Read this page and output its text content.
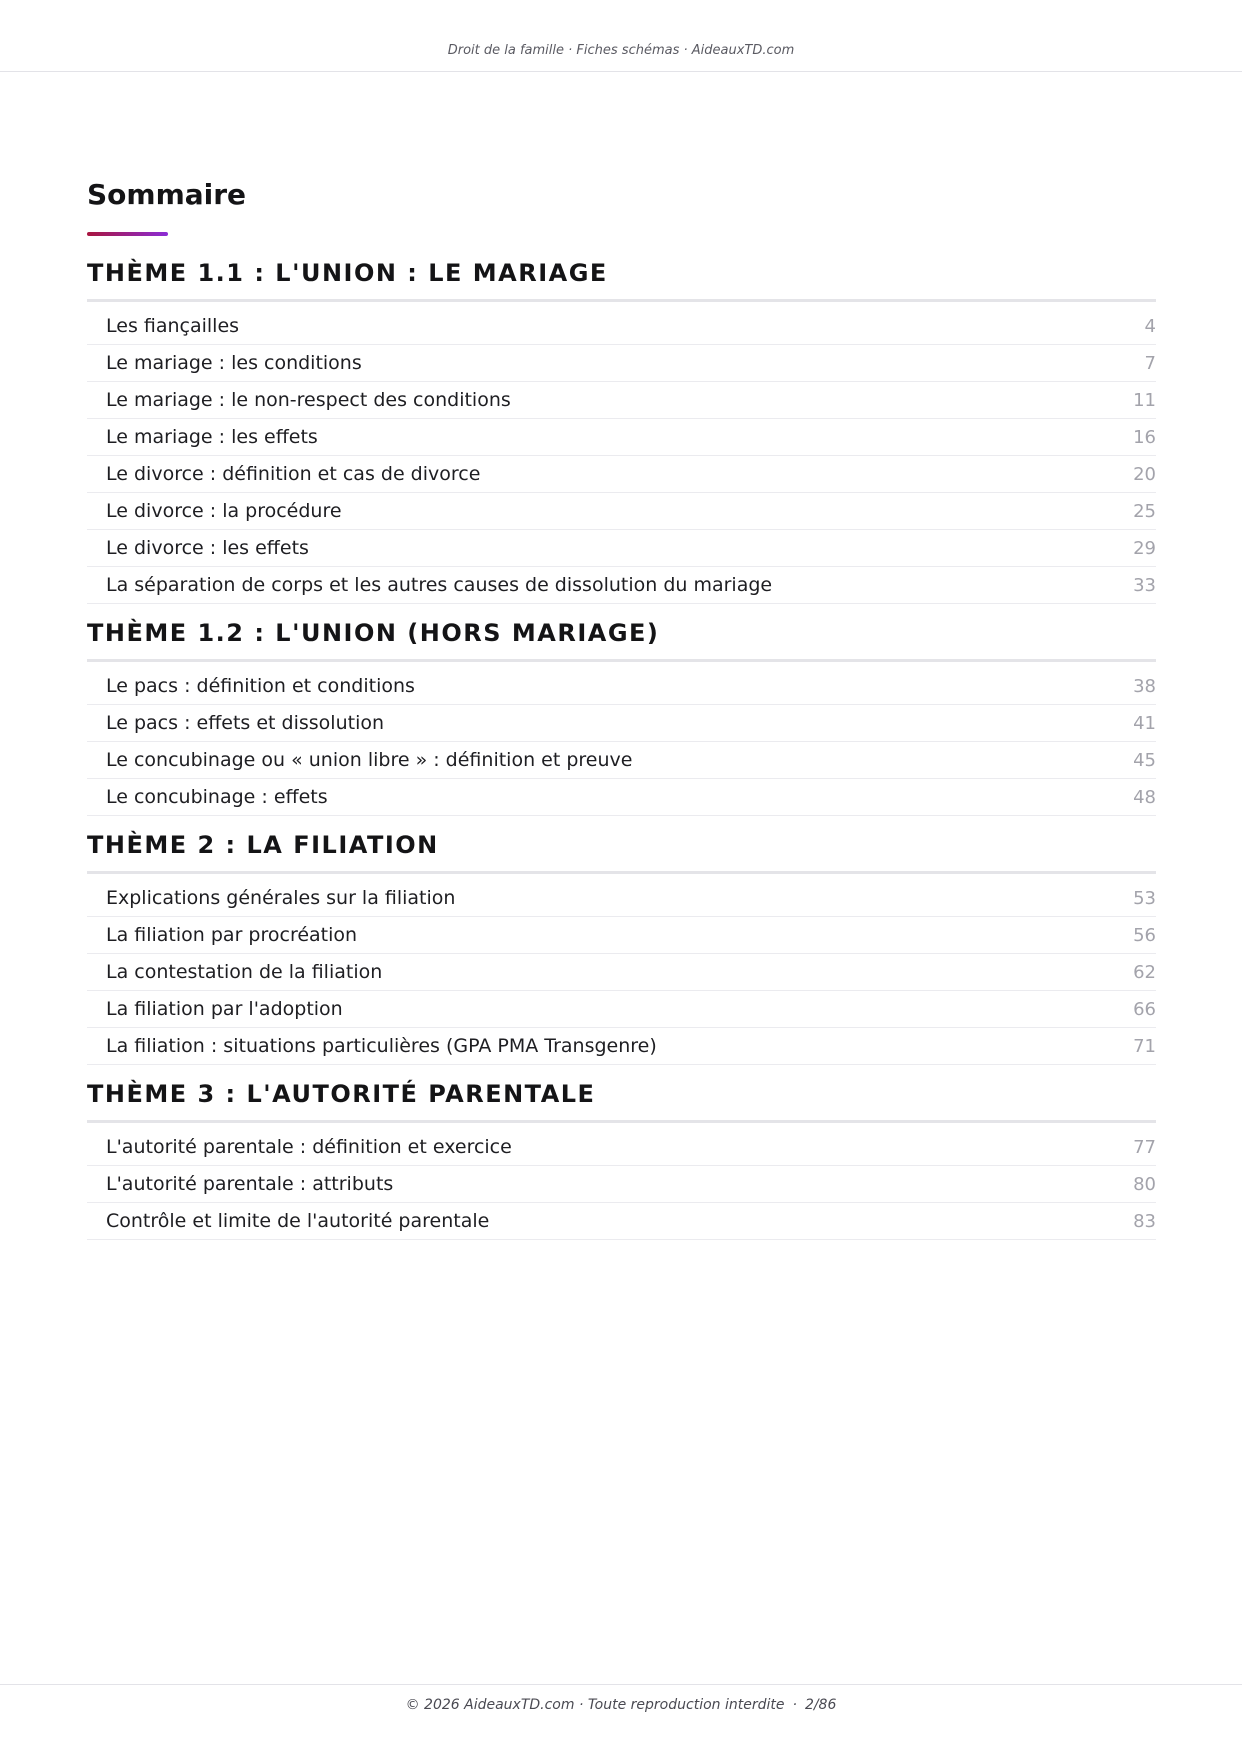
Droit de la famille · Fiches schémas · AideauxTD.com
Sommaire
THÈME 1.1 : L'UNION : LE MARIAGE
Les fiançailles	4
Le mariage : les conditions	7
Le mariage : le non-respect des conditions	11
Le mariage : les effets	16
Le divorce : définition et cas de divorce	20
Le divorce : la procédure	25
Le divorce : les effets	29
La séparation de corps et les autres causes de dissolution du mariage	33
THÈME 1.2 : L'UNION (HORS MARIAGE)
Le pacs : définition et conditions	38
Le pacs : effets et dissolution	41
Le concubinage ou « union libre » : définition et preuve	45
Le concubinage : effets	48
THÈME 2 : LA FILIATION
Explications générales sur la filiation	53
La filiation par procréation	56
La contestation de la filiation	62
La filiation par l'adoption	66
La filiation : situations particulières (GPA PMA Transgenre)	71
THÈME 3 : L'AUTORITÉ PARENTALE
L'autorité parentale : définition et exercice	77
L'autorité parentale : attributs	80
Contrôle et limite de l'autorité parentale	83
© 2026 AideauxTD.com · Toute reproduction interdite · 2/86
